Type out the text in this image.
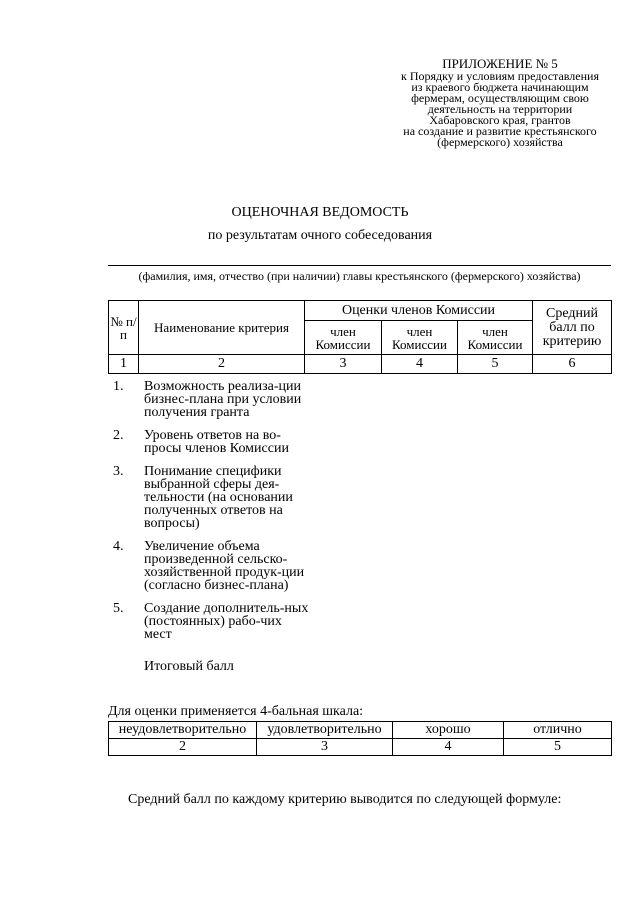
ПРИЛОЖЕНИЕ № 5
к Порядку и условиям предоставления
из краевого бюджета начинающим
фермерам, осуществляющим свою
деятельность на территории
Хабаровского края, грантов
на создание и развитие крестьянского
(фермерского) хозяйства
ОЦЕНОЧНАЯ ВЕДОМОСТЬ
по результатам очного собеседования
(фамилия, имя, отчество (при наличии) главы крестьянского (фермерского) хозяйства)
№ п/п	Наименование критерия	Оценки членов Комиссии			Средний балл по критерию
		член Комиссии	член Комиссии	член Комиссии	
1	2	3	4	5	6
1.	Возможность реализа-ции бизнес-плана при условии получения гранта
2.	Уровень ответов на во-просы членов Комиссии
3.	Понимание специфики выбранной сферы дея-тельности (на основании полученных ответов на вопросы)
4.	Увеличение объема произведенной сельско-хозяйственной продук-ции (согласно бизнес-плана)
5.	Создание дополнитель-ных (постоянных) рабо-чих мест
Итоговый балл
Для оценки применяется 4-бальная шкала:
неудовлетворительно	удовлетворительно	хорошо	отлично
2	3	4	5
Средний балл по каждому критерию выводится по следующей формуле:
